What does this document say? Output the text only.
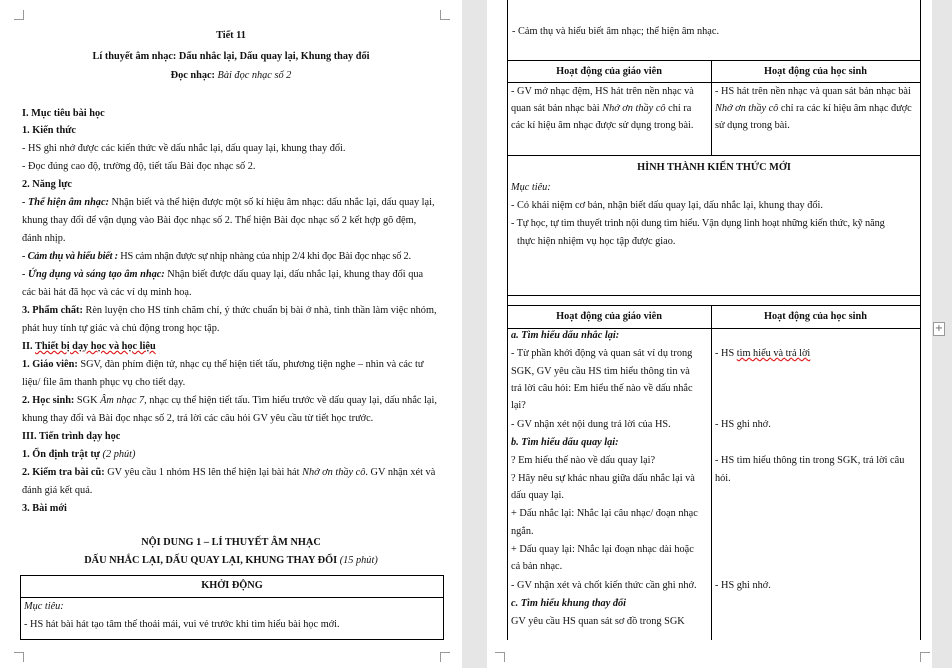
Tiết 11
Lí thuyết âm nhạc: Dấu nhắc lại, Dấu quay lại, Khung thay đổi
Đọc nhạc: Bài đọc nhạc số 2
I. Mục tiêu bài học
1. Kiến thức
- HS ghi nhớ được các kiến thức về dấu nhắc lại, dấu quay lại, khung thay đổi.
- Đọc đúng cao độ, trường độ, tiết tấu Bài đọc nhạc số 2.
2. Năng lực
- Thể hiện âm nhạc: Nhận biết và thể hiện được một số kí hiệu âm nhạc: dấu nhắc lại, dấu quay lại,
khung thay đổi để vận dụng vào Bài đọc nhạc số 2. Thể hiện Bài đọc nhạc số 2 kết hợp gõ đệm,
đánh nhịp.
- Cảm thụ và hiểu biết : HS cảm nhận được sự nhịp nhàng của nhịp 2/4 khi đọc Bài đọc nhạc số 2.
- Ứng dụng và sáng tạo âm nhạc: Nhận biết được dấu quay lại, dấu nhắc lại, khung thay đổi qua
các bài hát đã học và các ví dụ minh hoạ.
3. Phẩm chất: Rèn luyện cho HS tính chăm chỉ, ý thức chuẩn bị bài ở nhà, tinh thần làm việc nhóm,
phát huy tính tự giác và chủ động trong học tập.
II. Thiết bị dạy học và học liệu
1. Giáo viên: SGV, đàn phím điện tử, nhạc cụ thể hiện tiết tấu, phương tiện nghe – nhìn và các tư
liệu/ file âm thanh phục vụ cho tiết dạy.
2. Học sinh: SGK Âm nhạc 7, nhạc cụ thể hiện tiết tấu. Tìm hiểu trước về dấu quay lại, dấu nhắc lại,
khung thay đổi và Bài đọc nhạc số 2, trả lời các câu hỏi GV yêu cầu từ tiết học trước.
III. Tiến trình dạy học
1. Ổn định trật tự (2 phút)
2. Kiểm tra bài cũ: GV yêu cầu 1 nhóm HS lên thể hiện lại bài hát Nhớ ơn thầy cô. GV nhận xét và
đánh giá kết quả.
3. Bài mới
NỘI DUNG 1 – LÍ THUYẾT ÂM NHẠC
DẤU NHẮC LẠI, DẤU QUAY LẠI, KHUNG THAY ĐỔI (15 phút)
KHỞI ĐỘNG
Mục tiêu:
- HS hát bài hát tạo tâm thế thoải mái, vui vẻ trước khi tìm hiểu bài học mới.
- Cảm thụ và hiểu biết âm nhạc; thể hiện âm nhạc.
Hoạt động của giáo viên	Hoạt động của học sinh
- GV mở nhạc đệm, HS hát trên nền nhạc và
quan sát bản nhạc bài Nhớ ơn thầy cô chỉ ra
các kí hiệu âm nhạc được sử dụng trong bài.
- HS hát trên nền nhạc và quan sát bản nhạc bài
Nhớ ơn thầy cô chỉ ra các kí hiệu âm nhạc được
sử dụng trong bài.
HÌNH THÀNH KIẾN THỨC MỚI
Mục tiêu:
- Có khái niệm cơ bản, nhận biết dấu quay lại, dấu nhắc lại, khung thay đổi.
- Tự học, tự tìm thuyết trình nội dung tìm hiểu. Vận dụng linh hoạt những kiến thức, kỹ năng
thực hiện nhiệm vụ học tập được giao.
Hoạt động của giáo viên	Hoạt động của học sinh
a. Tìm hiểu dấu nhắc lại:
- Từ phần khởi động và quan sát ví dụ trong
SGK, GV yêu cầu HS tìm hiểu thông tin và
trả lời câu hỏi: Em hiểu thế nào về dấu nhắc
lại?
- GV nhận xét nội dung trả lời của HS.
- HS tìm hiểu và trả lời
- HS ghi nhớ.
b. Tìm hiểu dấu quay lại:
? Em hiểu thế nào về dấu quay lại?
? Hãy nêu sự khác nhau giữa dấu nhắc lại và
dấu quay lại.
+ Dấu nhắc lại: Nhắc lại câu nhạc/ đoạn nhạc
ngắn.
+ Dấu quay lại: Nhắc lại đoạn nhạc dài hoặc
cả bản nhạc.
- GV nhận xét và chốt kiến thức cần ghi nhớ.
- HS tìm hiểu thông tin trong SGK, trả lời câu
hỏi.
- HS ghi nhớ.
c. Tìm hiểu khung thay đổi
GV yêu cầu HS quan sát sơ đồ trong SGK
+
